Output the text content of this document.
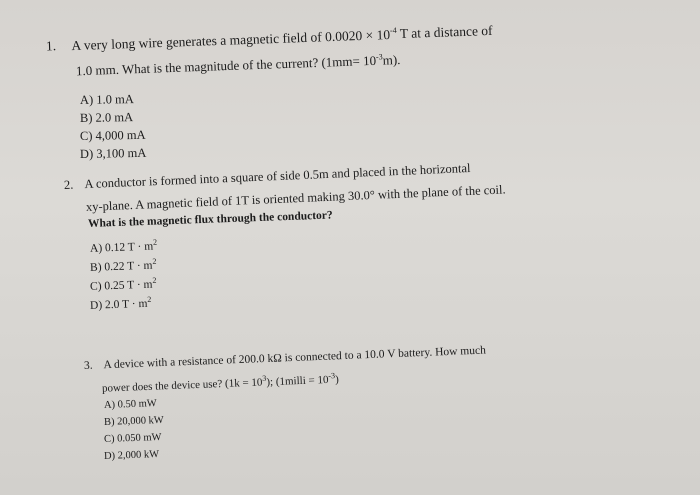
1. A very long wire generates a magnetic field of $0.0020 \times 10^{-4}$ T at a distance of
1.0 mm. What is the magnitude of the current? $(1mm= 10^{-3}m)$.
A) 1.0 mA
B) 2.0 mA
C) 4,000 mA
D) 3,100 mA
2. A conductor is formed into a square of side 0.5m and placed in the horizontal
xy-plane. A magnetic field of 1T is oriented making 30.0° with the plane of the coil.
What is the magnetic flux through the conductor?
A) 0.12 $T \cdot m^2$
B) 0.22 $T \cdot m^2$
C) 0.25 $T \cdot m^2$
D) 2.0 $T \cdot m^2$
3. A device with a resistance of 200.0 kΩ is connected to a 10.0 V battery. How much
power does the device use? $(1k = 10^3)$; (1milli = $10^{-3}$)
A) 0.50 mW
B) 20,000 kW
C) 0.050 mW
D) 2,000 kW
